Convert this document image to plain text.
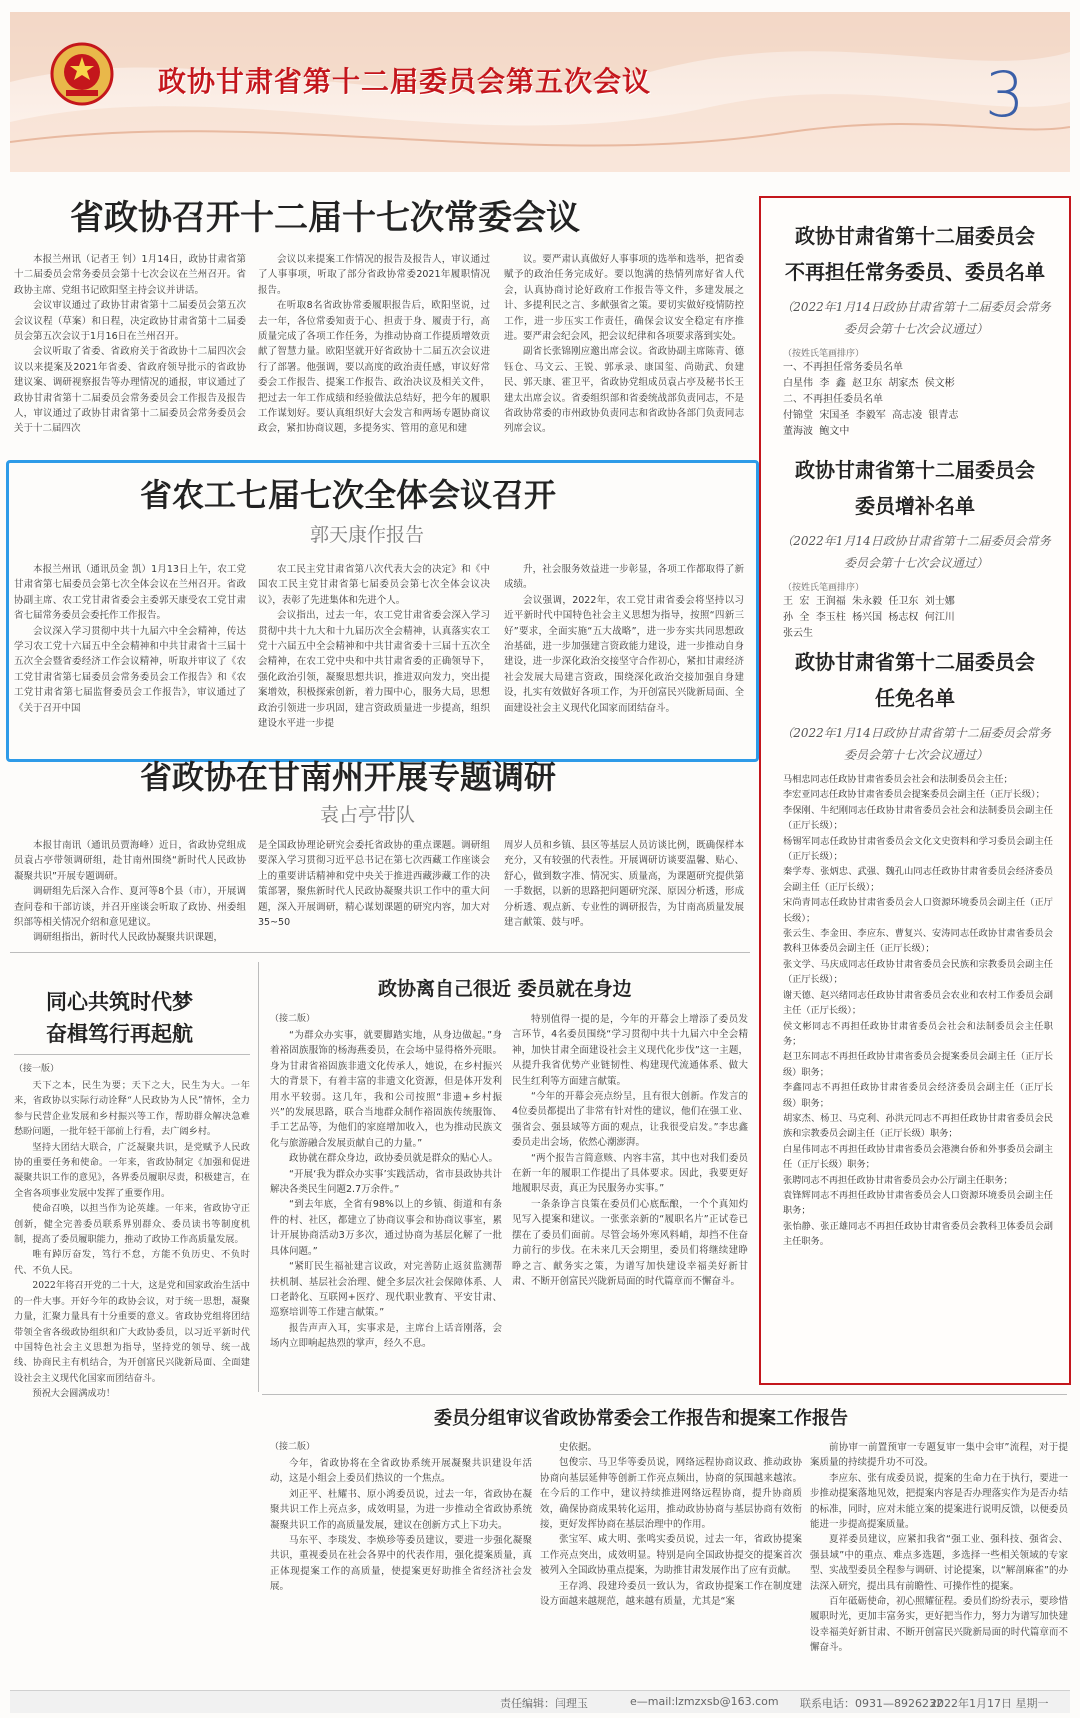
政协甘肃省第十二届委员会第五次会议	3
省政协召开十二届十七次常委会议

本报兰州讯（记者王 钊）1月14日，政协甘肃省第十二届委员会常务委员会第十七次会议在兰州召开。省政协主席、党组书记欧阳坚主持会议并讲话。

会议审议通过了政协甘肃省第十二届委员会第五次会议议程（草案）和日程，决定政协甘肃省第十二届委员会第五次会议于1月16日在兰州召开。

会议听取了省委、省政府关于省政协十二届四次会议以来提案及2021年省委、省政府领导批示的省政协建议案、调研视察报告等办理情况的通报，审议通过了政协甘肃省第十二届委员会常务委员会工作报告及报告人，审议通过了政协甘肃省第十二届委员会常务委员会关于十二届四次

会议以来提案工作情况的报告及报告人，审议通过了人事事项，听取了部分省政协常委2021年履职情况报告。

在听取8名省政协常委履职报告后，欧阳坚说，过去一年，各位常委知责于心、担责于身、履责于行，高质量完成了各项工作任务，为推动协商工作提质增效贡献了智慧力量。欧阳坚就开好省政协十二届五次会议进行了部署。他强调，要以高度的政治责任感，审议好常委会工作报告、提案工作报告、政治决议及相关文件，把过去一年工作成绩和经验做法总结好，把今年的履职工作谋划好。要认真组织好大会发言和两场专题协商议政会，紧扣协商议题，多提务实、管用的意见和建

议。要严肃认真做好人事事项的选举和选举，把省委赋予的政治任务完成好。要以饱满的热情列席好省人代会，认真协商讨论好政府工作报告等文件，多建发展之计、多提利民之言、多献强省之策。要切实做好疫情防控工作，进一步压实工作责任，确保会议安全稳定有序推进。要严肃会纪会风，把会议纪律和各项要求落到实处。

副省长张锦刚应邀出席会议。省政协副主席陈青、德钰仓、马文云、王锐、郭承录、康国玺、尚勋武、贠建民、郭天康、霍卫平，省政协党组成员袁占亭及秘书长王建太出席会议。省委组织部和省委统战部负责同志，不是省政协常委的市州政协负责同志和省政协各部门负责同志列席会议。

省农工七届七次全体会议召开
郭天康作报告

本报兰州讯（通讯员金 凯）1月13日上午，农工党甘肃省第七届委员会第七次全体会议在兰州召开。省政协副主席、农工党甘肃省委会主委郭天康受农工党甘肃省七届常务委员会委托作工作报告。

会议深入学习贯彻中共十九届六中全会精神，传达学习农工党十六届五中全会精神和中共甘肃省十三届十五次全会暨省委经济工作会议精神，听取并审议了《农工党甘肃省第七届委员会常务委员会工作报告》和《农工党甘肃省第七届监督委员会工作报告》，审议通过了《关于召开中国

农工民主党甘肃省第八次代表大会的决定》和《中国农工民主党甘肃省第七届委员会第七次全体会议决议》，表彰了先进集体和先进个人。

会议指出，过去一年，农工党甘肃省委会深入学习贯彻中共十九大和十九届历次全会精神，认真落实农工党十六届五中全会精神和中共甘肃省委十三届十五次全会精神，在农工党中央和中共甘肃省委的正确领导下，强化政治引领，凝聚思想共识，推进双向发力，突出提案增效，积极探索创新，着力围中心，服务大局，思想政治引领进一步巩固，建言资政质量进一步提高，组织建设水平进一步提

升，社会服务效益进一步彰显，各项工作都取得了新成绩。

会议强调，2022年，农工党甘肃省委会将坚持以习近平新时代中国特色社会主义思想为指导，按照“四新三好”要求，全面实施“五大战略”，进一步夯实共同思想政治基础，进一步加强建言资政能力建设，进一步推动自身建设，进一步深化政治交接坚守合作初心，紧扣甘肃经济社会发展大局建言资政，围绕深化政治交接加强自身建设，扎实有效做好各项工作，为开创富民兴陇新局面、全面建设社会主义现代化国家而团结奋斗。

省政协在甘南州开展专题调研
袁占亭带队

本报甘南讯（通讯员贾海峰）近日，省政协党组成员袁占亭带领调研组，赴甘南州围绕“新时代人民政协凝聚共识”开展专题调研。

调研组先后深入合作、夏河等8个县（市），开展调查问卷和干部访谈，并召开座谈会听取了政协、州委组织部等相关情况介绍和意见建议。

调研组指出，新时代人民政协凝聚共识课题，

是全国政协理论研究会委托省政协的重点课题。调研组要深入学习贯彻习近平总书记在第七次西藏工作座谈会上的重要讲话精神和党中央关于推进西藏涉藏工作的决策部署，聚焦新时代人民政协凝聚共识工作中的重大问题，深入开展调研，精心谋划课题的研究内容，加大对35~50
周岁人员和乡镇、县区等基层人员访谈比例，既确保样本充分，又有较强的代表性。开展调研访谈要温馨、贴心、舒心，做到数字准、情况实、质量高，为课题研究提供第一手数据，以新的思路把问题研究深、原因分析透，形成分析透、观点新、专业性的调研报告，为甘南高质量发展建言献策、鼓与呼。
同心共筑时代梦
奋楫笃行再起航
（接一版）

天下之本，民生为要；天下之大，民生为大。一年来，省政协以实际行动诠释“人民政协为人民”情怀，全力参与民营企业发展和乡村振兴等工作，帮助群众解决急难愁盼问题，一批年轻干部前上行看，去广阔乡村。

坚持大团结大联合，广泛凝聚共识，是党赋予人民政协的重要任务和使命。一年来，省政协制定《加强和促进凝聚共识工作的意见》，各界委员履职尽责，积极建言，在全省各项事业发展中发挥了重要作用。

使命召唤，以担当作为论英雄。一年来，省政协守正创新，健全完善委员联系界别群众、委员读书等制度机制，提高了委员履职能力，推动了政协工作高质量发展。

唯有踔厉奋发，笃行不怠，方能不负历史、不负时代、不负人民。

2022年将召开党的二十大，这是党和国家政治生活中的一件大事。开好今年的政协会议，对于统一思想，凝聚力量，汇聚力量具有十分重要的意义。省政协党组将团结带领全省各级政协组织和广大政协委员，以习近平新时代中国特色社会主义思想为指导，坚持党的领导、统一战线、协商民主有机结合，为开创富民兴陇新局面、全面建设社会主义现代化国家而团结奋斗。

预祝大会圆满成功！

政协离自己很近 委员就在身边
（接二版）

“为群众办实事，就要脚踏实地，从身边做起。”身着裕固族服饰的杨海燕委员，在会场中显得格外亮眼。身为甘肃省裕固族非遗文化传承人，她说，在乡村振兴大的背景下，有着丰富的非遗文化资源，但是体开发利用水平较弱。这几年，我和公司按照“非遗+乡村振兴”的发展思路，联合当地群众制作裕固族传统服饰、手工艺品等，为他们的家庭增加收入，也为推动民族文化与旅游融合发展贡献自己的力量。”

政协就在群众身边，政协委员就是群众的贴心人。

“开展‘我为群众办实事’实践活动，省市县政协共计解决各类民生问题2.7万余件。”

“到去年底，全省有98%以上的乡镇、街道和有条件的村、社区，都建立了协商议事会和协商议事室，累计开展协商活动3万多次，通过协商为基层化解了一批具体问题。”

“紧盯民生福祉建言议政，对完善防止返贫监测帮扶机制、基层社会治理、健全多层次社会保障体系、人口老龄化、互联网+医疗、现代职业教育、平安甘肃、巡察培训等工作建言献策。”

报告声声入耳，实事求是，主席台上话音刚落，会场内立即响起热烈的掌声，经久不息。

特别值得一提的是，今年的开幕会上增添了委员发言环节，4名委员围绕“学习贯彻中共十九届六中全会精神，加快甘肃全面建设社会主义现代化步伐”这一主题，从提升我省优势产业链韧性、构建现代流通体系、做大民生红利等方面建言献策。

“今年的开幕会亮点纷呈，且有很大创新。作发言的4位委员都提出了非常有针对性的建议，他们在强工业、强省会、强县域等方面的观点，让我很受启发。”李忠鑫委员走出会场，依然心潮澎湃。

“两个报告言简意赅、内容丰富，其中也对我们委员在新一年的履职工作提出了具体要求。因此，我要更好地履职尽责，真正为民服务办实事。”

一条条诤言良策在委员们心底酝酿，一个个真知灼见写入提案和建议。一张张亲新的“履职名片”正试卷已摆在了委员们面前。尽管会场外寒风料峭，却挡不住奋力前行的步伐。在未来几天会期里，委员们将继续建睁睁之言、献务实之策，为谱写加快建设幸福美好新甘肃、不断开创富民兴陇新局面的时代篇章而不懈奋斗。

委员分组审议省政协常委会工作报告和提案工作报告
（接二版）

今年，省政协将在全省政协系统开展凝聚共识建设年活动，这是小组会上委员们热议的一个焦点。

刘正平、杜耀书、原小鸿委员说，过去一年，省政协在凝聚共识工作上亮点多，成效明显，为进一步推动全省政协系统凝聚共识工作的高质量发展，建议在创新方式上下功夫。

马东平、李琰发、李焕珍等委员建议，要进一步强化凝聚共识，重视委员在社会各界中的代表作用，强化提案质量，真正体现提案工作的高质量，使提案更好助推全省经济社会发展。

史依据。

包俊宗、马卫华等委员说，网络远程协商议政、推动政协协商向基层延伸等创新工作亮点频出，协商的氛围越来越浓。在今后的工作中，建议持续推进网络远程协商，提升协商质效，确保协商成果转化运用，推动政协协商与基层协商有效衔接，更好发挥协商在基层治理中的作用。

张宝军、咸大明、张鸣实委员说，过去一年，省政协提案工作亮点突出，成效明显。特别是向全国政协提交的提案首次被列入全国政协重点提案，为助推甘肃发展作出了应有贡献。

王存鸿、段建玲委员一致认为，省政协提案工作在制度建设方面越来越规范，越来越有质量，尤其是“案

前协审一前置预审一专题复审一集中会审”流程，对于提案质量的持续提升功不可没。

李应东、张有成委员说，提案的生命力在于执行，要进一步推动提案落地见效，把提案内容是否办理落实作为是否办结的标准，同时，应对未能立案的提案进行说明反馈，以便委员能进一步提高提案质量。

夏祥委员建议，应紧扣我省“强工业、强科技、强省会、强县域”中的重点、难点多选题，多选择一些相关领域的专家型、实战型委员全程参与调研、讨论提案，以“解剖麻雀”的办法深入研究，提出具有前瞻性、可操作性的提案。

百年砥砺使命，初心照耀征程。委员们纷纷表示，要珍惜履职时光，更加丰富务实，更好把当作力，努力为谱写加快建设幸福美好新甘肃、不断开创富民兴陇新局面的时代篇章而不懈奋斗。

政协甘肃省第十二届委员会
不再担任常务委员、委员名单
（2022年1月14日政协甘肃省第十二届委员会常务委员会第十七次会议通过）
（按姓氏笔画排序）
一、不再担任常务委员名单
白星伟  李  鑫  赵卫东  胡家杰  侯文彬
二、不再担任委员名单
付锦堂  宋国圣  李毅军  高志凌  银青志
董海波  鲍文中
政协甘肃省第十二届委员会
委员增补名单
（2022年1月14日政协甘肃省第十二届委员会常务委员会第十七次会议通过）
（按姓氏笔画排序）
王  宏  王润福  朱永毅  任卫东  刘士娜
孙  全  李玉柱  杨兴国  杨志权  何江川
张云生
政协甘肃省第十二届委员会
任免名单
（2022年1月14日政协甘肃省第十二届委员会常务委员会第十七次会议通过）
马相忠同志任政协甘肃省委员会社会和法制委员会主任；
李宏亚同志任政协甘肃省委员会提案委员会副主任（正厅长级）；
李保刚、牛纪刚同志任政协甘肃省委员会社会和法制委员会副主任（正厅长级）；
杨锡军同志任政协甘肃省委员会文化文史资料和学习委员会副主任（正厅长级）；
秦学寿、张炳忠、武强、魏孔山同志任政协甘肃省委员会经济委员会副主任（正厅长级）；
宋尚青同志任政协甘肃省委员会人口资源环境委员会副主任（正厅长级）；
张云生、李金田、李应东、曹复兴、安涛同志任政协甘肃省委员会教科卫体委员会副主任（正厅长级）；
张文学、马庆成同志任政协甘肃省委员会民族和宗教委员会副主任（正厅长级）；
谢天德、赵兴绪同志任政协甘肃省委员会农业和农村工作委员会副主任（正厅长级）；
侯文彬同志不再担任政协甘肃省委员会社会和法制委员会主任职务；
赵卫东同志不再担任政协甘肃省委员会提案委员会副主任（正厅长级）职务；
李鑫同志不再担任政协甘肃省委员会经济委员会副主任（正厅长级）职务；
胡家杰、杨卫、马克利、孙洪元同志不再担任政协甘肃省委员会民族和宗教委员会副主任（正厅长级）职务；
白星伟同志不再担任政协甘肃省委员会港澳台侨和外事委员会副主任（正厅长级）职务；
张聘同志不再担任政协甘肃省委员会办公厅副主任职务；
袁锋辉同志不再担任政协甘肃省委员会人口资源环境委员会副主任职务；
张怡静、张正雄同志不再担任政协甘肃省委员会教科卫体委员会副主任职务。
责任编辑：闫理玉	e—mail:lzmzxsb@163.com 联系电话：0931—8926232
2022年1月17日 星期一
